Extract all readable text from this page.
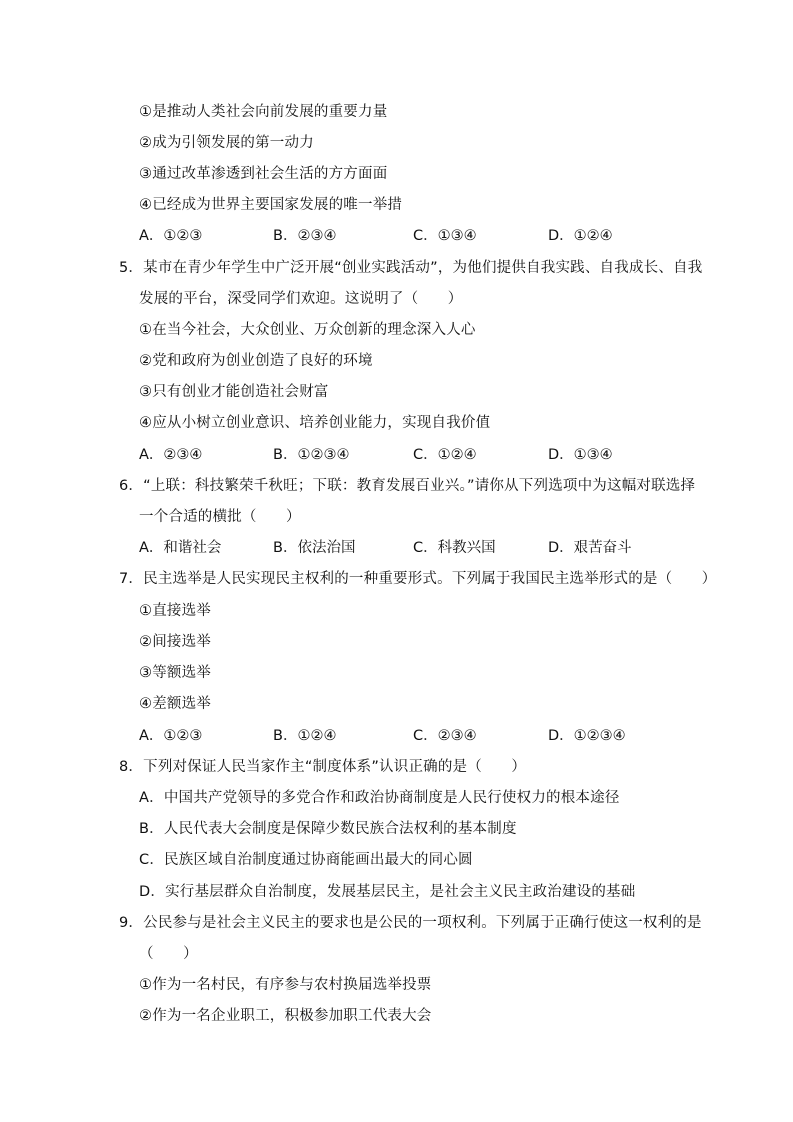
①是推动人类社会向前发展的重要力量
②成为引领发展的第一动力
③通过改革渗透到社会生活的方方面面
④已经成为世界主要国家发展的唯一举措
A．①②③	B．②③④	C．①③④	D．①②④
5．某市在青少年学生中广泛开展“创业实践活动”，为他们提供自我实践、自我成长、自我
发展的平台，深受同学们欢迎。这说明了（　　）
①在当今社会，大众创业、万众创新的理念深入人心
②党和政府为创业创造了良好的环境
③只有创业才能创造社会财富
④应从小树立创业意识、培养创业能力，实现自我价值
A．②③④	B．①②③④	C．①②④	D．①③④
6．“上联：科技繁荣千秋旺；下联：教育发展百业兴。”请你从下列选项中为这幅对联选择
一个合适的横批（　　）
A．和谐社会	B．依法治国	C．科教兴国	D．艰苦奋斗
7．民主选举是人民实现民主权利的一种重要形式。下列属于我国民主选举形式的是（　　）
①直接选举
②间接选举
③等额选举
④差额选举
A．①②③	B．①②④	C．②③④	D．①②③④
8．下列对保证人民当家作主“制度体系”认识正确的是（　　）
A．中国共产党领导的多党合作和政治协商制度是人民行使权力的根本途径
B．人民代表大会制度是保障少数民族合法权利的基本制度
C．民族区域自治制度通过协商能画出最大的同心圆
D．实行基层群众自治制度，发展基层民主，是社会主义民主政治建设的基础
9．公民参与是社会主义民主的要求也是公民的一项权利。下列属于正确行使这一权利的是
（　　）
①作为一名村民，有序参与农村换届选举投票
②作为一名企业职工，积极参加职工代表大会
